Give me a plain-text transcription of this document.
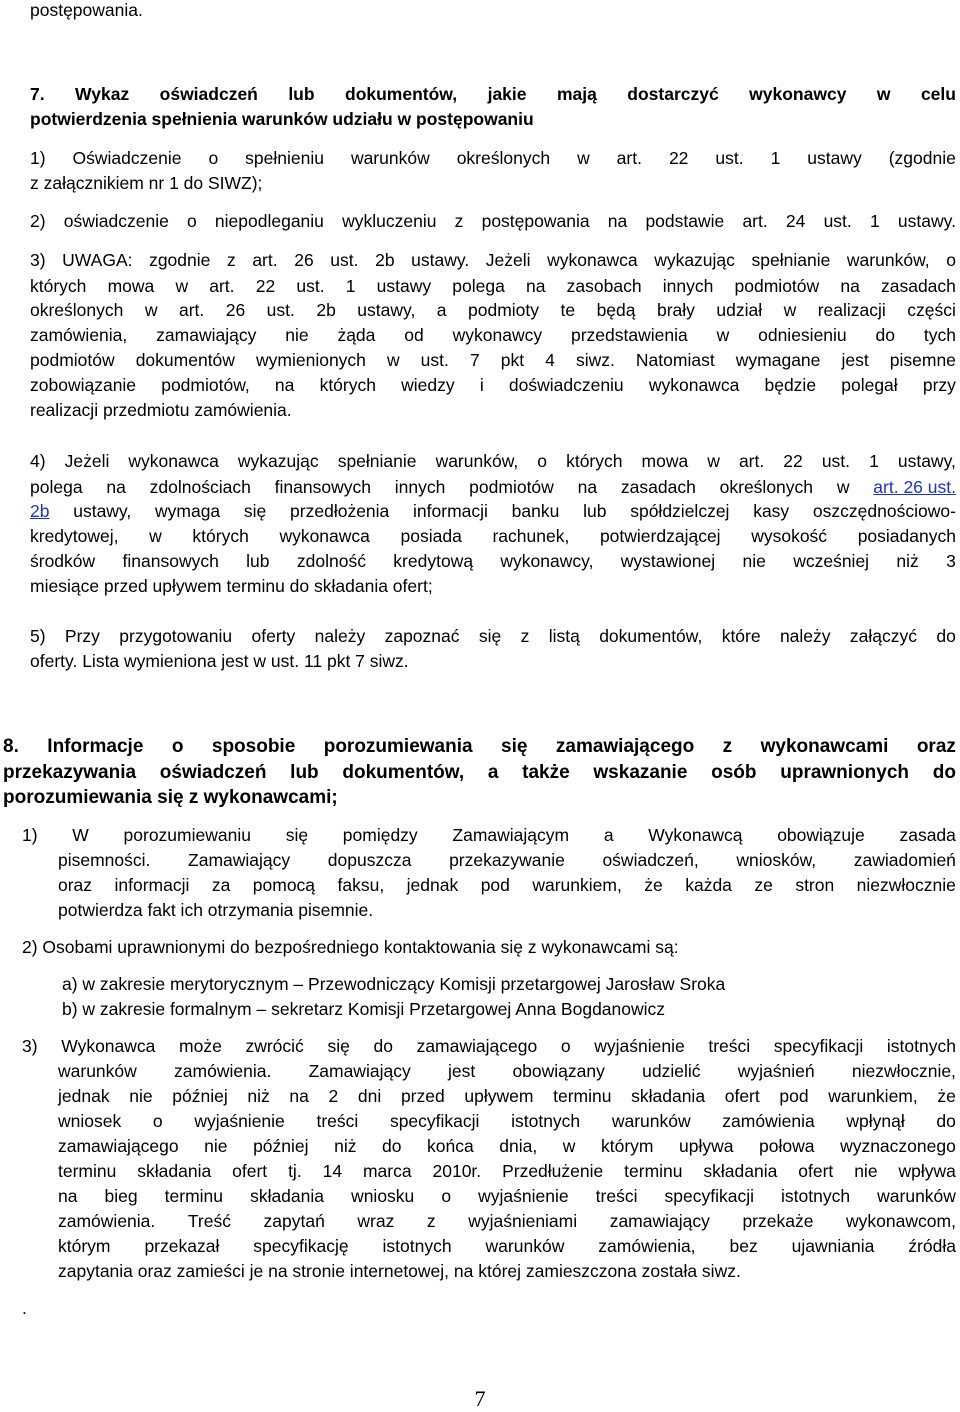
postępowania.
7. Wykaz oświadczeń lub dokumentów, jakie mają dostarczyć wykonawcy w celu
potwierdzenia spełnienia warunków udziału w postępowaniu
1) Oświadczenie o spełnieniu warunków określonych w art. 22 ust. 1 ustawy (zgodnie
z załącznikiem nr 1 do SIWZ);
2) oświadczenie o niepodleganiu wykluczeniu z postępowania na podstawie art. 24 ust. 1 ustawy.
3) UWAGA: zgodnie z art. 26 ust. 2b ustawy. Jeżeli wykonawca wykazując spełnianie warunków, o
których mowa w art. 22 ust. 1 ustawy polega na zasobach innych podmiotów na zasadach
określonych w art. 26 ust. 2b ustawy, a podmioty te będą brały udział w realizacji części
zamówienia, zamawiający nie żąda od wykonawcy przedstawienia w odniesieniu do tych
podmiotów dokumentów wymienionych w ust. 7 pkt 4 siwz. Natomiast wymagane jest pisemne
zobowiązanie podmiotów, na których wiedzy i doświadczeniu wykonawca będzie polegał przy
realizacji przedmiotu zamówienia.
4) Jeżeli wykonawca wykazując spełnianie warunków, o których mowa w art. 22 ust. 1 ustawy,
polega na zdolnościach finansowych innych podmiotów na zasadach określonych w art. 26 ust.
2b ustawy, wymaga się przedłożenia informacji banku lub spółdzielczej kasy oszczędnościowo-
kredytowej, w których wykonawca posiada rachunek, potwierdzającej wysokość posiadanych
środków finansowych lub zdolność kredytową wykonawcy, wystawionej nie wcześniej niż 3
miesiące przed upływem terminu do składania ofert;
5) Przy przygotowaniu oferty należy zapoznać się z listą dokumentów, które należy załączyć do
oferty. Lista wymieniona jest w ust. 11 pkt 7 siwz.
8. Informacje o sposobie porozumiewania się zamawiającego z wykonawcami oraz
przekazywania oświadczeń lub dokumentów, a także wskazanie osób uprawnionych do
porozumiewania się z wykonawcami;
1) W porozumiewaniu się pomiędzy Zamawiającym a Wykonawcą obowiązuje zasada
pisemności. Zamawiający dopuszcza przekazywanie oświadczeń, wniosków, zawiadomień
oraz informacji za pomocą faksu, jednak pod warunkiem, że każda ze stron niezwłocznie
potwierdza fakt ich otrzymania pisemnie.
2) Osobami uprawnionymi do bezpośredniego kontaktowania się z wykonawcami są:
a) w zakresie merytorycznym – Przewodniczący Komisji przetargowej Jarosław Sroka
b) w zakresie formalnym – sekretarz Komisji Przetargowej Anna Bogdanowicz
3) Wykonawca może zwrócić się do zamawiającego o wyjaśnienie treści specyfikacji istotnych
warunków zamówienia. Zamawiający jest obowiązany udzielić wyjaśnień niezwłocznie,
jednak nie później niż na 2 dni przed upływem terminu składania ofert pod warunkiem, że
wniosek o wyjaśnienie treści specyfikacji istotnych warunków zamówienia wpłynął do
zamawiającego nie później niż do końca dnia, w którym upływa połowa wyznaczonego
terminu składania ofert tj. 14 marca 2010r. Przedłużenie terminu składania ofert nie wpływa
na bieg terminu składania wniosku o wyjaśnienie treści specyfikacji istotnych warunków
zamówienia. Treść zapytań wraz z wyjaśnieniami zamawiający przekaże wykonawcom,
którym przekazał specyfikację istotnych warunków zamówienia, bez ujawniania źródła
zapytania oraz zamieści je na stronie internetowej, na której zamieszczona została siwz.
.
7
